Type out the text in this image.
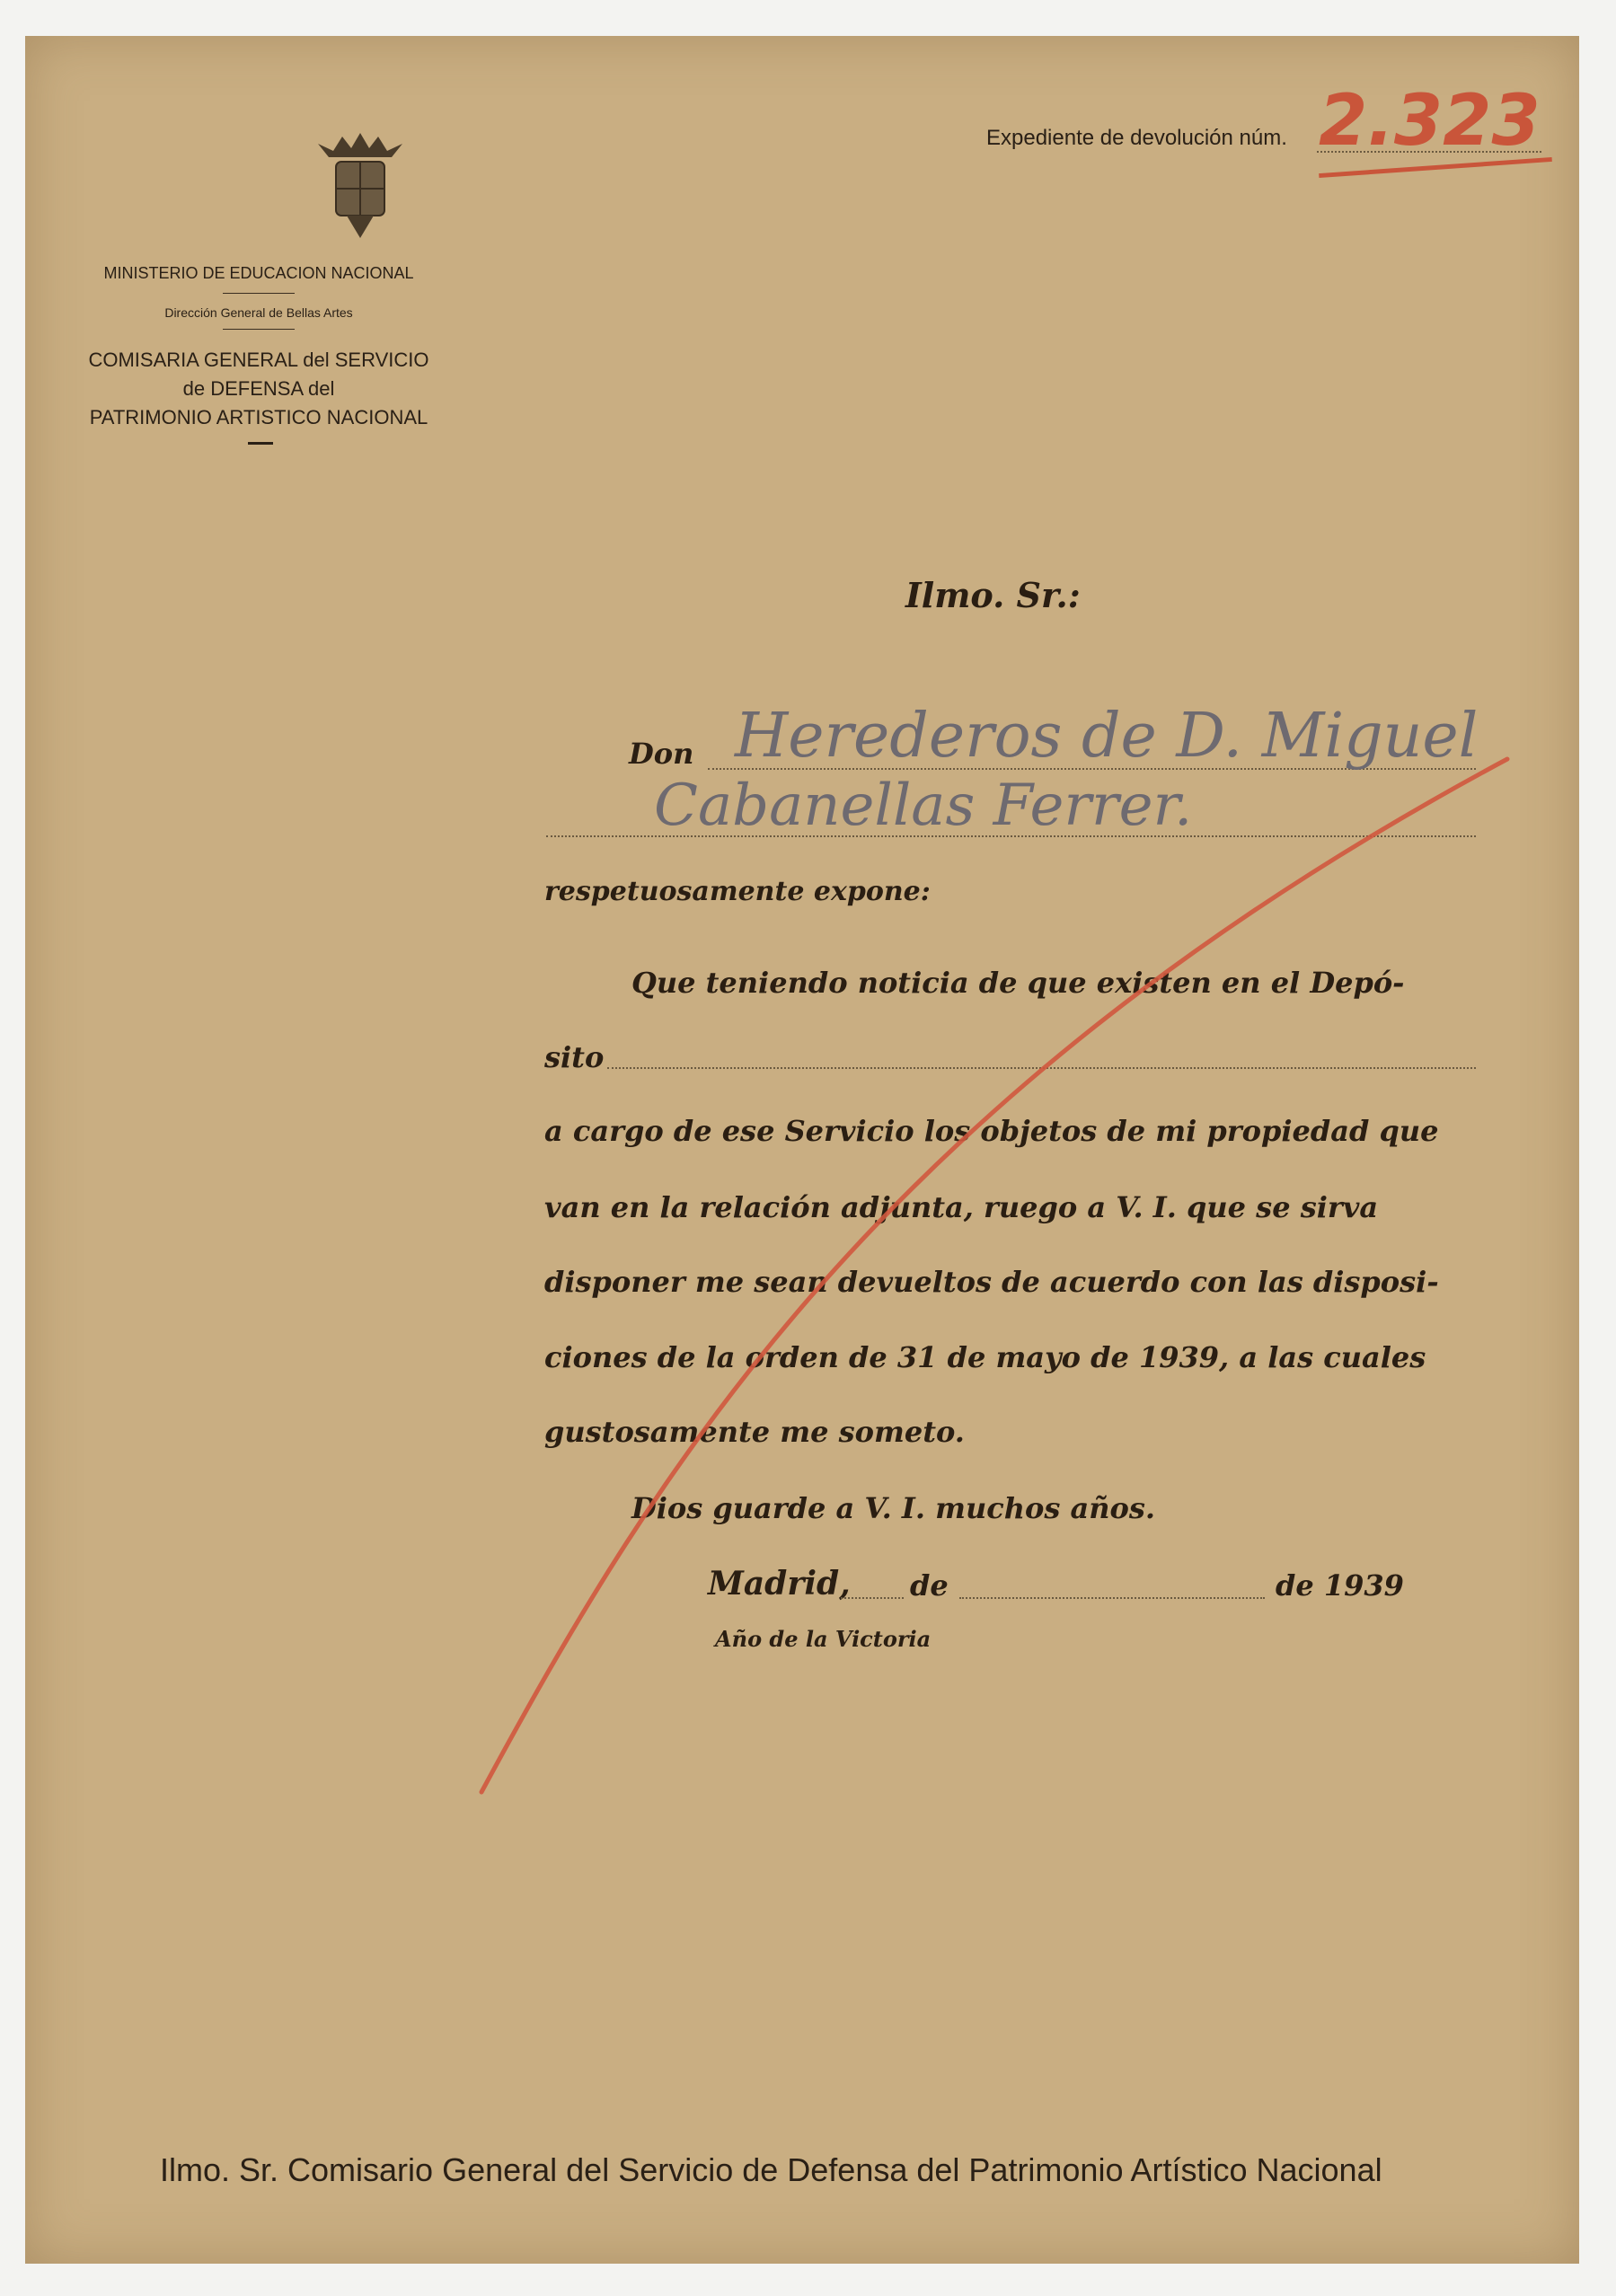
Expediente de devolución núm. 2.323
MINISTERIO DE EDUCACION NACIONAL
Dirección General de Bellas Artes
COMISARIA GENERAL del SERVICIO
de DEFENSA del
PATRIMONIO ARTISTICO NACIONAL
Ilmo. Sr.:
Don Herederos de D. Miguel
Cabanellas Ferrer.
respetuosamente expone:
Que teniendo noticia de que existen en el Depó-
sito
a cargo de ese Servicio los objetos de mi propiedad que
van en la relación adjunta, ruego a V. I. que se sirva
disponer me sean devueltos de acuerdo con las disposi-
ciones de la orden de 31 de mayo de 1939, a las cuales
gustosamente me someto.
Dios guarde a V. I. muchos años.
Madrid, de	de 1939
Año de la Victoria
Ilmo. Sr. Comisario General del Servicio de Defensa del Patrimonio Artístico Nacional
